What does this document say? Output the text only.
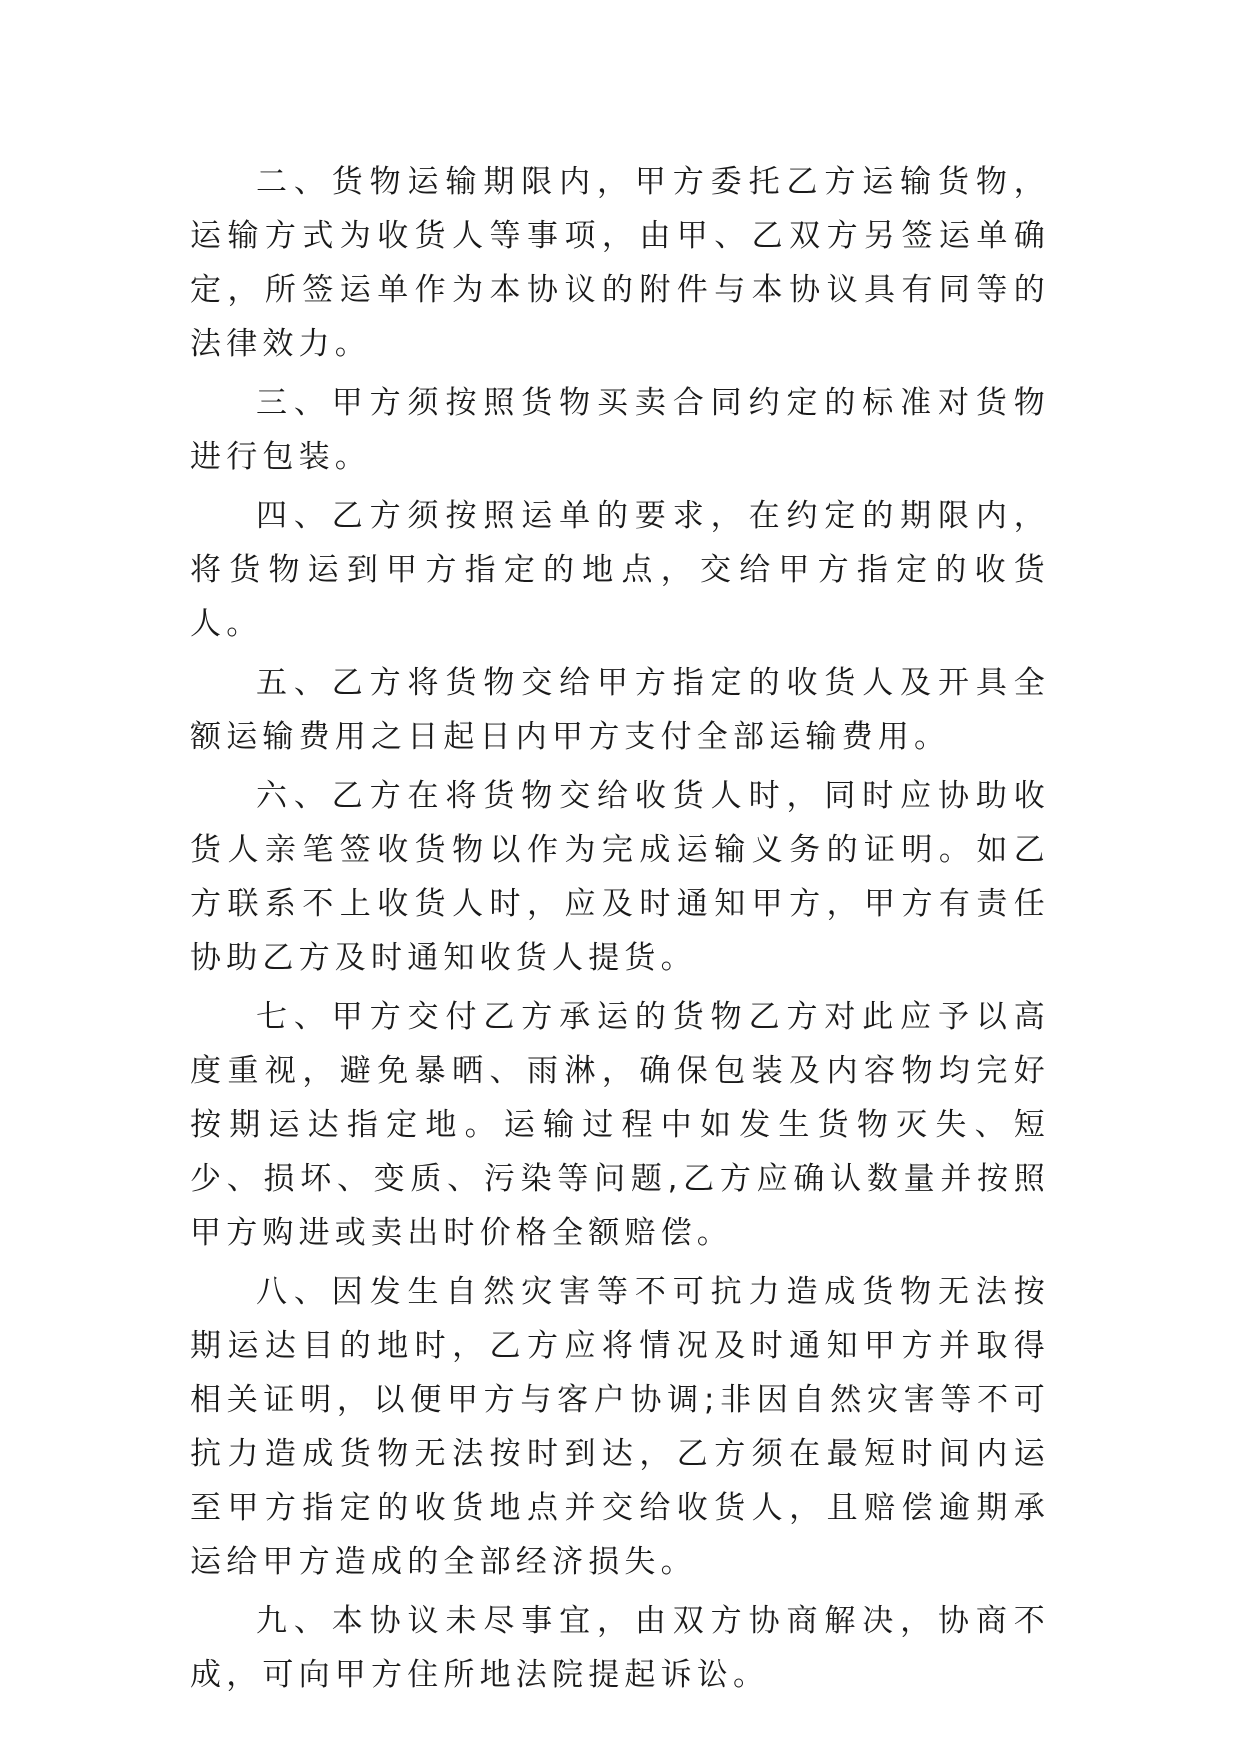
二、货物运输期限内，甲方委托乙方运输货物，运输方式为收货人等事项，由甲、乙双方另签运单确定，所签运单作为本协议的附件与本协议具有同等的法律效力。

三、甲方须按照货物买卖合同约定的标准对货物进行包装。

四、乙方须按照运单的要求，在约定的期限内，将货物运到甲方指定的地点，交给甲方指定的收货人。

五、乙方将货物交给甲方指定的收货人及开具全额运输费用之日起日内甲方支付全部运输费用。

六、乙方在将货物交给收货人时，同时应协助收货人亲笔签收货物以作为完成运输义务的证明。如乙方联系不上收货人时，应及时通知甲方，甲方有责任协助乙方及时通知收货人提货。

七、甲方交付乙方承运的货物乙方对此应予以高度重视，避免暴晒、雨淋，确保包装及内容物均完好按期运达指定地。运输过程中如发生货物灭失、短少、损坏、变质、污染等问题,乙方应确认数量并按照甲方购进或卖出时价格全额赔偿。

八、因发生自然灾害等不可抗力造成货物无法按期运达目的地时，乙方应将情况及时通知甲方并取得相关证明，以便甲方与客户协调;非因自然灾害等不可抗力造成货物无法按时到达，乙方须在最短时间内运至甲方指定的收货地点并交给收货人，且赔偿逾期承运给甲方造成的全部经济损失。

九、本协议未尽事宜，由双方协商解决，协商不成，可向甲方住所地法院提起诉讼。
